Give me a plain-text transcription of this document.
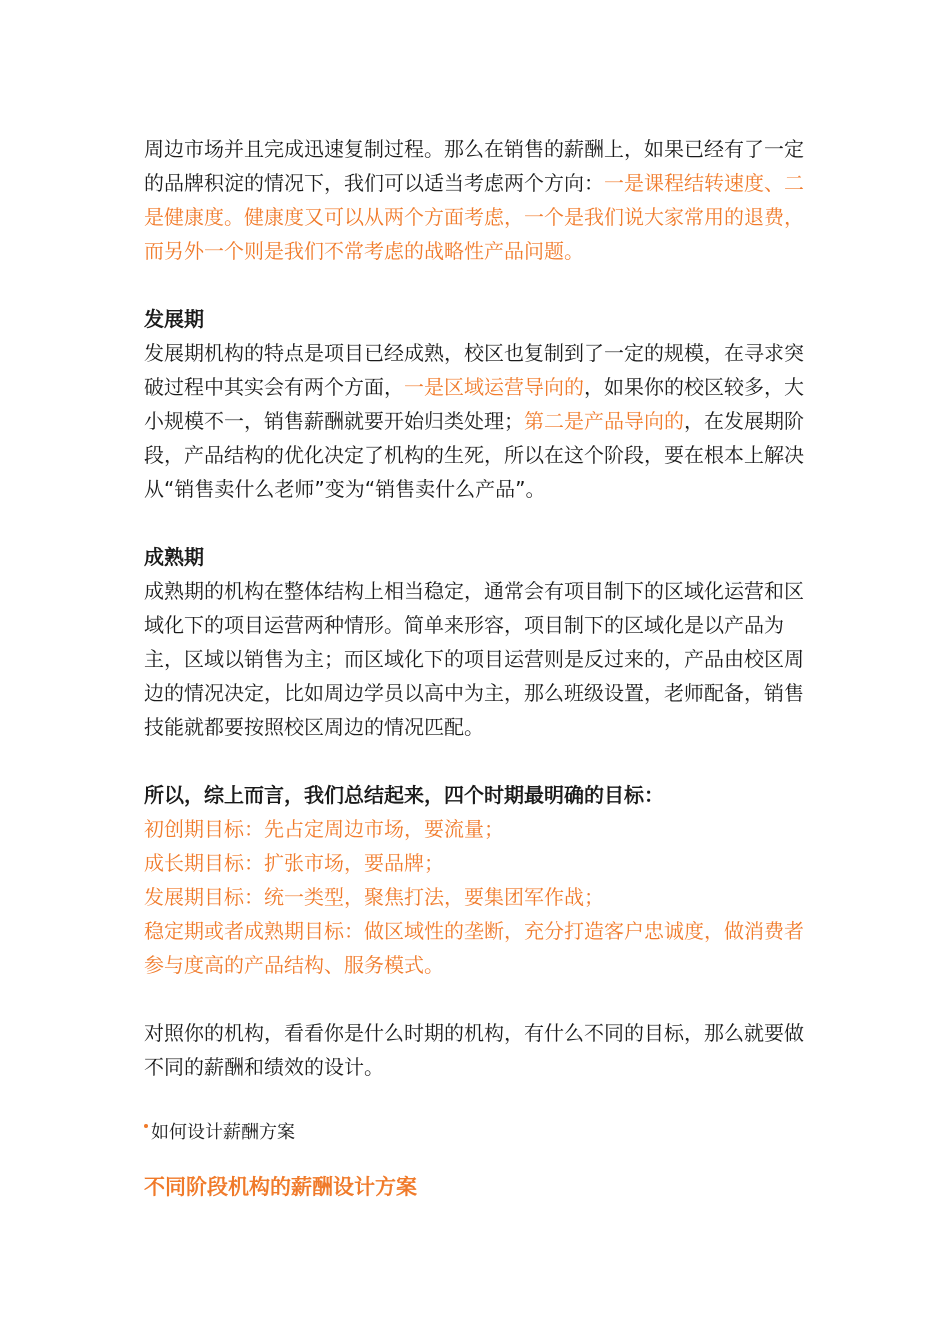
周边市场并且完成迅速复制过程。那么在销售的薪酬上，如果已经有了一定的品牌积淀的情况下，我们可以适当考虑两个方向：一是课程结转速度、二是健康度。健康度又可以从两个方面考虑，一个是我们说大家常用的退费，而另外一个则是我们不常考虑的战略性产品问题。

发展期

发展期机构的特点是项目已经成熟，校区也复制到了一定的规模，在寻求突破过程中其实会有两个方面，一是区域运营导向的，如果你的校区较多，大小规模不一，销售薪酬就要开始归类处理；第二是产品导向的，在发展期阶段，产品结构的优化决定了机构的生死，所以在这个阶段，要在根本上解决从“销售卖什么老师”变为“销售卖什么产品”。

成熟期

成熟期的机构在整体结构上相当稳定，通常会有项目制下的区域化运营和区域化下的项目运营两种情形。简单来形容，项目制下的区域化是以产品为主，区域以销售为主；而区域化下的项目运营则是反过来的，产品由校区周边的情况决定，比如周边学员以高中为主，那么班级设置，老师配备，销售技能就都要按照校区周边的情况匹配。

所以，综上而言，我们总结起来，四个时期最明确的目标：

初创期目标：先占定周边市场，要流量；

成长期目标：扩张市场，要品牌；

发展期目标：统一类型，聚焦打法，要集团军作战；

稳定期或者成熟期目标：做区域性的垄断，充分打造客户忠诚度，做消费者参与度高的产品结构、服务模式。

对照你的机构，看看你是什么时期的机构，有什么不同的目标，那么就要做不同的薪酬和绩效的设计。

如何设计薪酬方案

不同阶段机构的薪酬设计方案
